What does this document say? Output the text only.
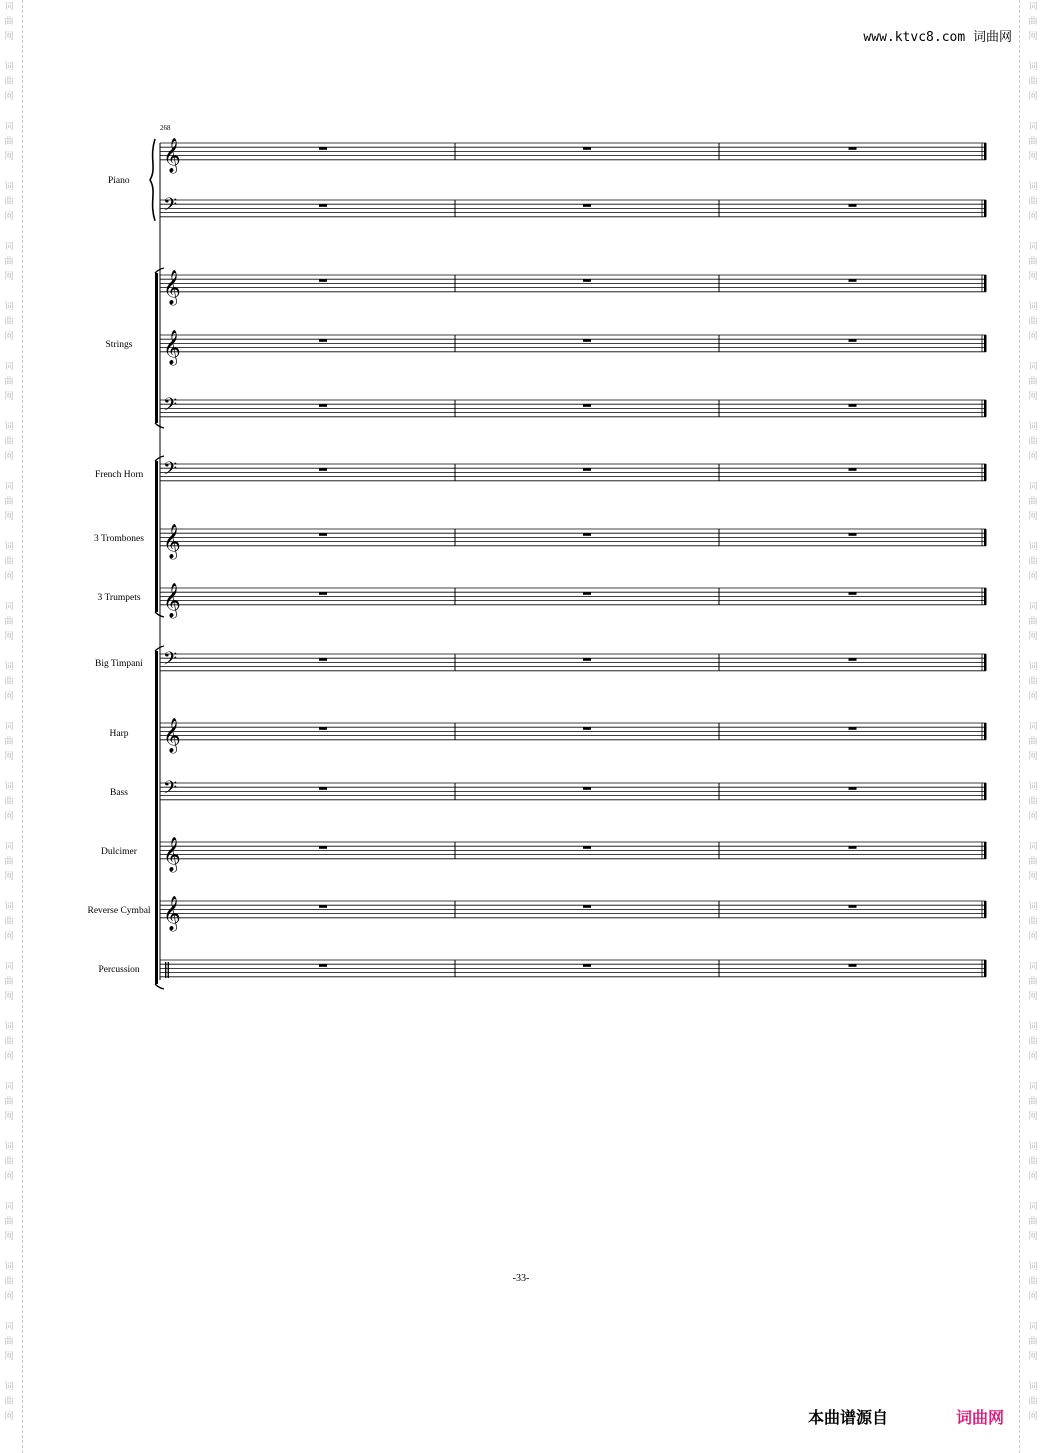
www.ktvc8.com 词曲网
词
曲
网
词
曲
网
词
曲
网
词
曲
网
词
曲
网
词
曲
网
词
曲
网
词
曲
网
词
曲
网
词
曲
网
词
曲
网
词
曲
网
词
曲
网
词
曲
网
词
曲
网
词
曲
网
词
曲
网
词
曲
网
词
曲
网
词
曲
网
词
曲
网
词
曲
网
词
曲
网
词
曲
网
词
曲
网
词
曲
网
词
曲
网
词
曲
网
词
曲
网
词
曲
网
词
曲
网
词
曲
网
词
曲
网
词
曲
网
词
曲
网
词
曲
网
词
曲
网
词
曲
网
词
曲
网
词
曲
网
词
曲
网
词
曲
网
词
曲
网
词
曲
网
词
曲
网
词
曲
网
词
曲
网
词
曲
网
𝄞
𝄢
𝄞
𝄞
𝄢
𝄢
𝄞
𝄞
𝄢
𝄞
𝄢
𝄞
𝄞
‖
Piano
Strings
French Horn
3 Trombones
3 Trumpets
Big Timpani
Harp
Bass
Dulcimer
Reverse Cymbal
Percussion
268
-33-
本曲谱源自	词曲网
